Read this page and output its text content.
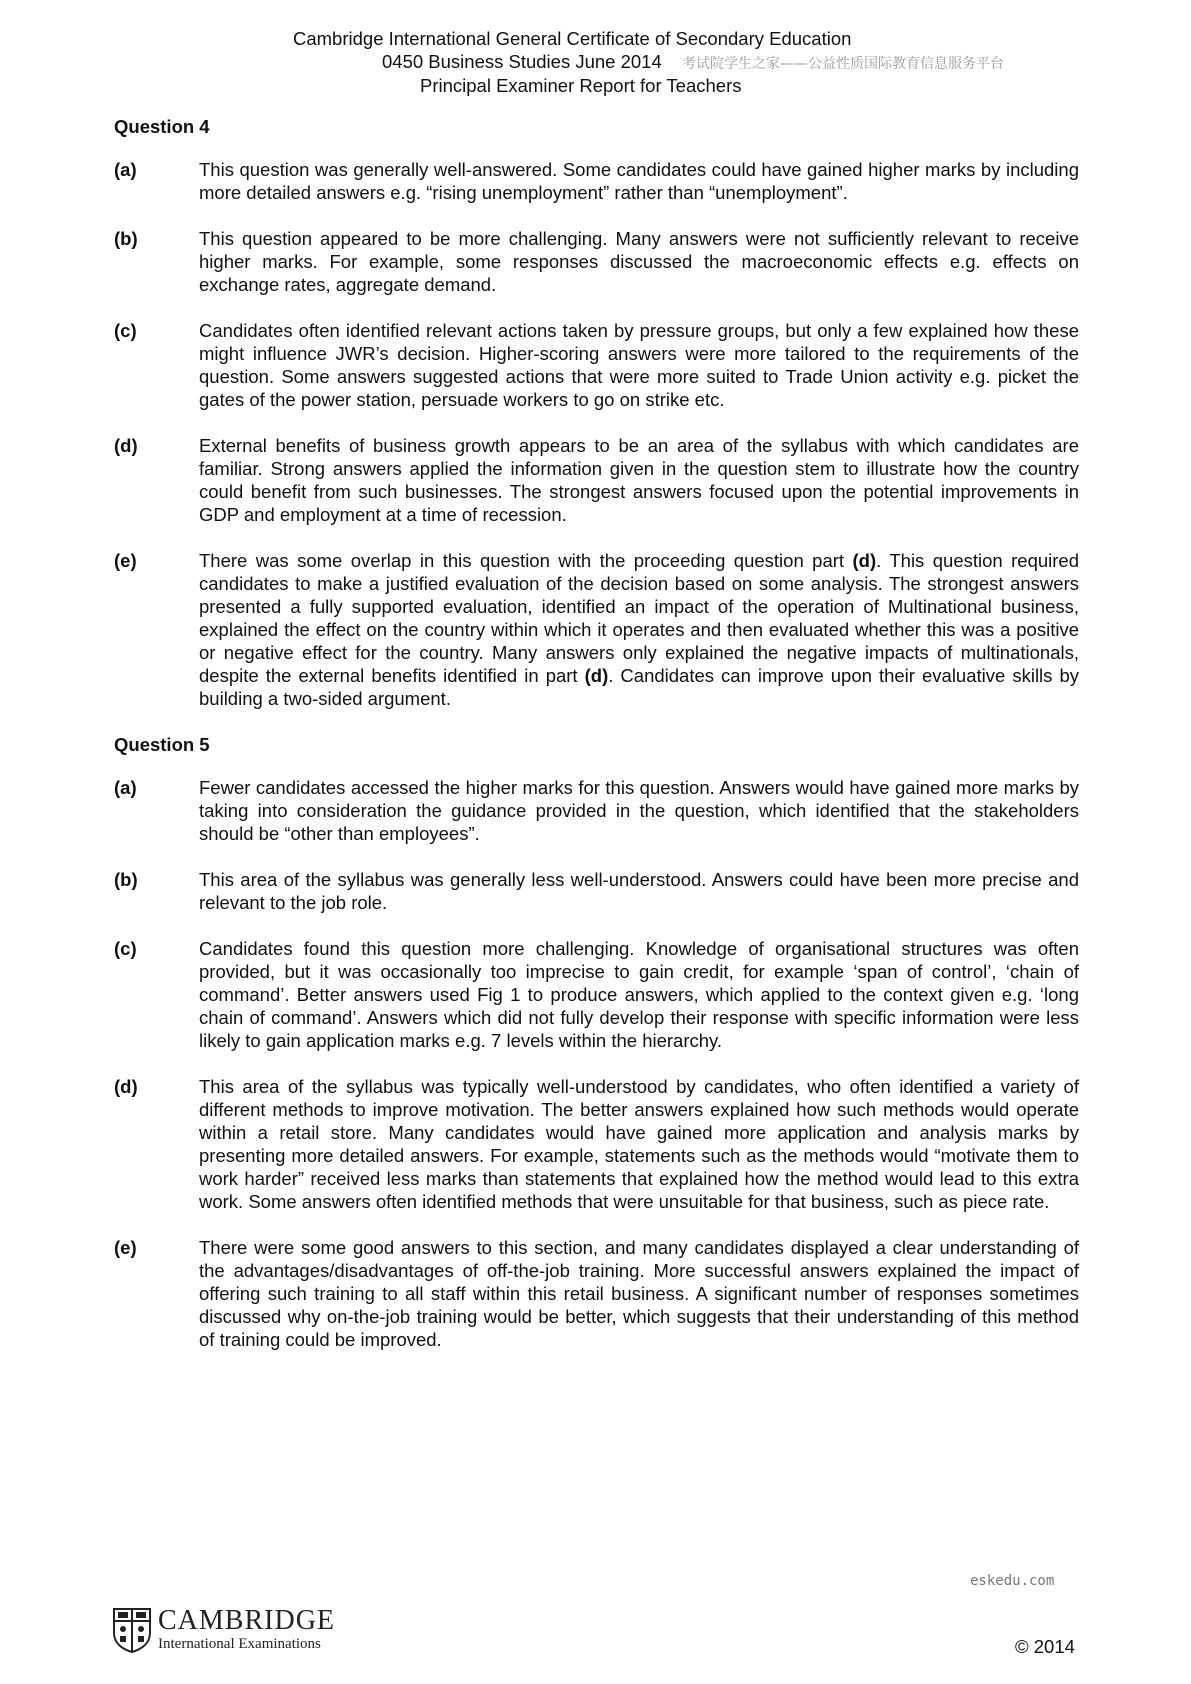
Cambridge International General Certificate of Secondary Education
0450 Business Studies June 2014
Principal Examiner Report for Teachers
考试院学生之家——公益性质国际教育信息服务平台
Question 4
(a)	This question was generally well-answered. Some candidates could have gained higher marks by including more detailed answers e.g. “rising unemployment” rather than “unemployment”.
(b)	This question appeared to be more challenging. Many answers were not sufficiently relevant to receive higher marks. For example, some responses discussed the macroeconomic effects e.g. effects on exchange rates, aggregate demand.
(c)	Candidates often identified relevant actions taken by pressure groups, but only a few explained how these might influence JWR’s decision. Higher-scoring answers were more tailored to the requirements of the question. Some answers suggested actions that were more suited to Trade Union activity e.g. picket the gates of the power station, persuade workers to go on strike etc.
(d)	External benefits of business growth appears to be an area of the syllabus with which candidates are familiar. Strong answers applied the information given in the question stem to illustrate how the country could benefit from such businesses. The strongest answers focused upon the potential improvements in GDP and employment at a time of recession.
(e)	There was some overlap in this question with the proceeding question part (d). This question required candidates to make a justified evaluation of the decision based on some analysis. The strongest answers presented a fully supported evaluation, identified an impact of the operation of Multinational business, explained the effect on the country within which it operates and then evaluated whether this was a positive or negative effect for the country. Many answers only explained the negative impacts of multinationals, despite the external benefits identified in part (d). Candidates can improve upon their evaluative skills by building a two-sided argument.
Question 5
(a)	Fewer candidates accessed the higher marks for this question. Answers would have gained more marks by taking into consideration the guidance provided in the question, which identified that the stakeholders should be “other than employees”.
(b)	This area of the syllabus was generally less well-understood. Answers could have been more precise and relevant to the job role.
(c)	Candidates found this question more challenging. Knowledge of organisational structures was often provided, but it was occasionally too imprecise to gain credit, for example ‘span of control’, ‘chain of command’. Better answers used Fig 1 to produce answers, which applied to the context given e.g. ‘long chain of command’. Answers which did not fully develop their response with specific information were less likely to gain application marks e.g. 7 levels within the hierarchy.
(d)	This area of the syllabus was typically well-understood by candidates, who often identified a variety of different methods to improve motivation. The better answers explained how such methods would operate within a retail store. Many candidates would have gained more application and analysis marks by presenting more detailed answers. For example, statements such as the methods would “motivate them to work harder” received less marks than statements that explained how the method would lead to this extra work. Some answers often identified methods that were unsuitable for that business, such as piece rate.
(e)	There were some good answers to this section, and many candidates displayed a clear understanding of the advantages/disadvantages of off-the-job training. More successful answers explained the impact of offering such training to all staff within this retail business. A significant number of responses sometimes discussed why on-the-job training would be better, which suggests that their understanding of this method of training could be improved.
eskedu.com
CAMBRIDGE
International Examinations	© 2014
